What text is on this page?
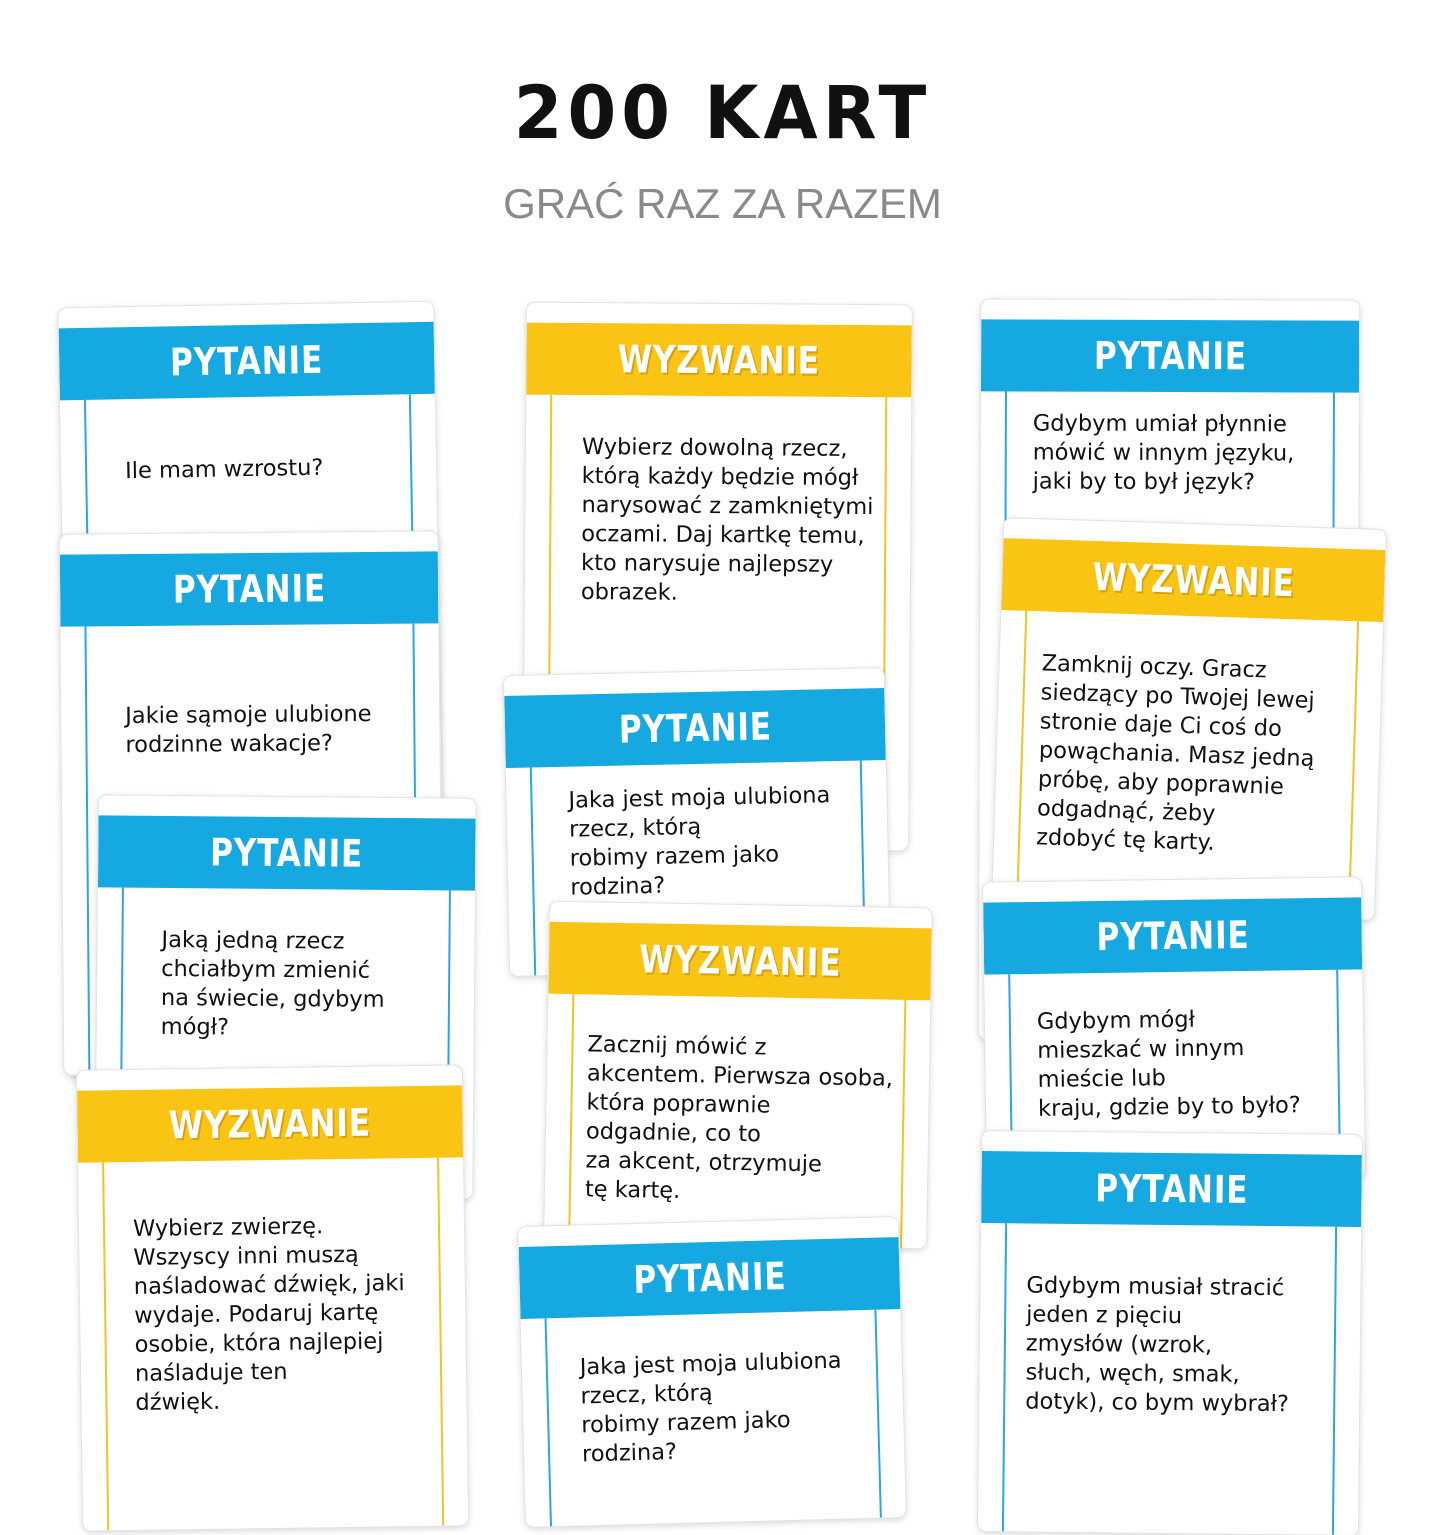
200 KART
GRAĆ RAZ ZA RAZEM
PYTANIE
Ile mam wzrostu?
PYTANIE
Jakie sąmoje ulubione
rodzinne wakacje?
PYTANIE
Jaką jedną rzecz
chciałbym zmienić
na świecie, gdybym
mógł?
WYZWANIE
Wybierz zwierzę.
Wszyscy inni muszą
naśladować dźwięk, jaki
wydaje. Podaruj kartę
osobie, która najlepiej
naśladuje ten
dźwięk.
WYZWANIE
Wybierz dowolną rzecz,
którą każdy będzie mógł
narysować z zamkniętymi
oczami. Daj kartkę temu,
kto narysuje najlepszy
obrazek.
PYTANIE
Jaka jest moja ulubiona
rzecz, którą
robimy razem jako
rodzina?
WYZWANIE
Zacznij mówić z
akcentem. Pierwsza osoba,
która poprawnie
odgadnie, co to
za akcent, otrzymuje
tę kartę.
PYTANIE
Jaka jest moja ulubiona
rzecz, którą
robimy razem jako
rodzina?
PYTANIE
Gdybym umiał płynnie
mówić w innym języku,
jaki by to był język?
WYZWANIE
Zamknij oczy. Gracz
siedzący po Twojej lewej
stronie daje Ci coś do
powąchania. Masz jedną
próbę, aby poprawnie
odgadnąć, żeby
zdobyć tę karty.
PYTANIE
Gdybym mógł
mieszkać w innym
mieście lub
kraju, gdzie by to było?
PYTANIE
Gdybym musiał stracić
jeden z pięciu
zmysłów (wzrok,
słuch, węch, smak,
dotyk), co bym wybrał?
